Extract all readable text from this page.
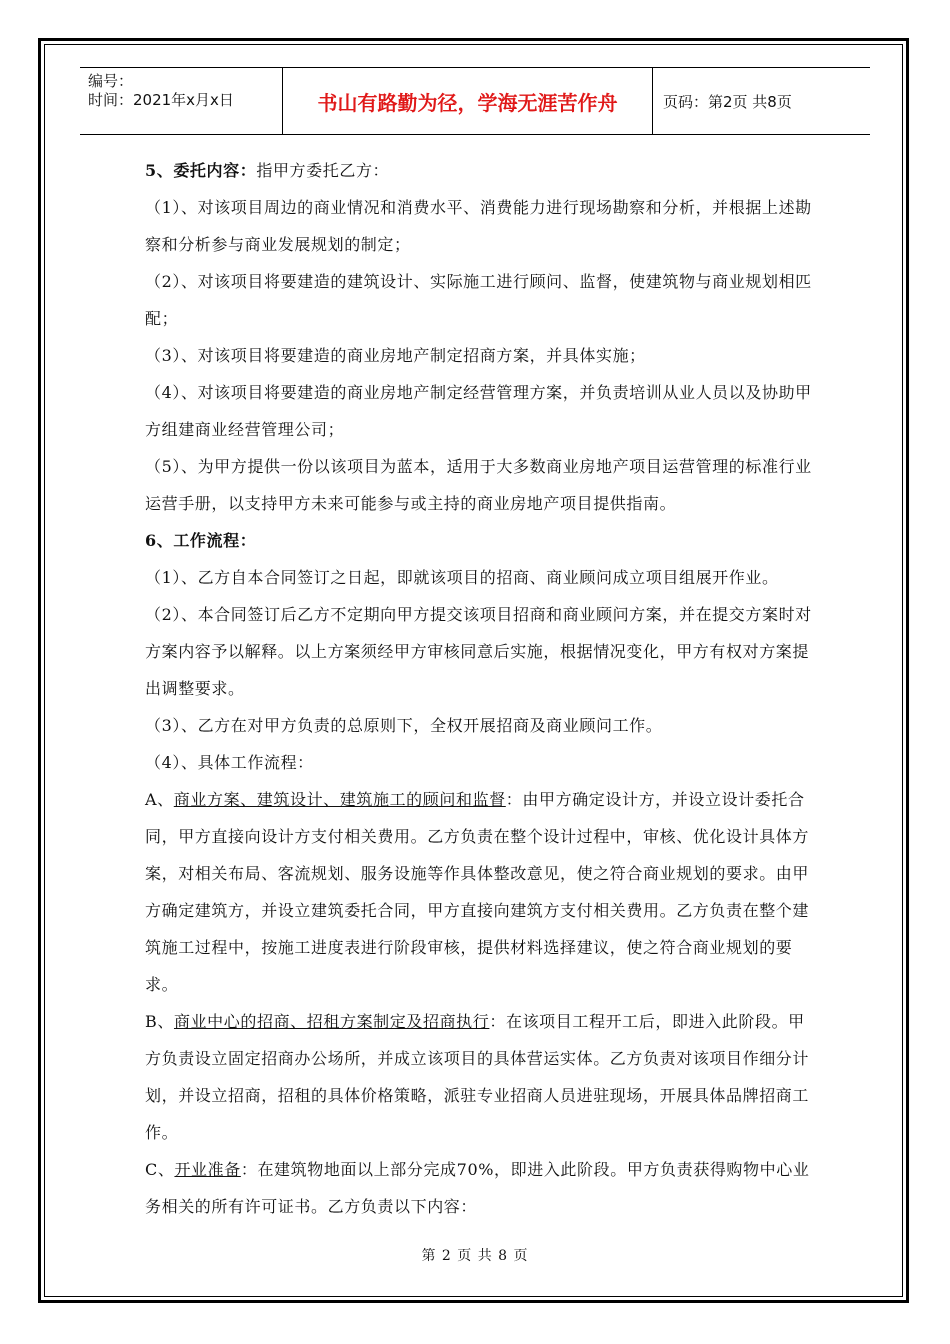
编号：
时间：2021年x月x日	书山有路勤为径，学海无涯苦作舟	页码：第2页 共8页

5、委托内容：指甲方委托乙方：

（1）、对该项目周边的商业情况和消费水平、消费能力进行现场勘察和分析，并根据上述勘察和分析参与商业发展规划的制定；

（2）、对该项目将要建造的建筑设计、实际施工进行顾问、监督，使建筑物与商业规划相匹配；

（3）、对该项目将要建造的商业房地产制定招商方案，并具体实施；

（4）、对该项目将要建造的商业房地产制定经营管理方案，并负责培训从业人员以及协助甲方组建商业经营管理公司；

（5）、为甲方提供一份以该项目为蓝本，适用于大多数商业房地产项目运营管理的标准行业运营手册，以支持甲方未来可能参与或主持的商业房地产项目提供指南。

6、工作流程：

（1）、乙方自本合同签订之日起，即就该项目的招商、商业顾问成立项目组展开作业。

（2）、本合同签订后乙方不定期向甲方提交该项目招商和商业顾问方案，并在提交方案时对方案内容予以解释。以上方案须经甲方审核同意后实施，根据情况变化，甲方有权对方案提出调整要求。

（3）、乙方在对甲方负责的总原则下，全权开展招商及商业顾问工作。

（4）、具体工作流程：

A、商业方案、建筑设计、建筑施工的顾问和监督：由甲方确定设计方，并设立设计委托合同，甲方直接向设计方支付相关费用。乙方负责在整个设计过程中，审核、优化设计具体方案，对相关布局、客流规划、服务设施等作具体整改意见，使之符合商业规划的要求。由甲方确定建筑方，并设立建筑委托合同，甲方直接向建筑方支付相关费用。乙方负责在整个建筑施工过程中，按施工进度表进行阶段审核，提供材料选择建议，使之符合商业规划的要求。

B、商业中心的招商、招租方案制定及招商执行：在该项目工程开工后，即进入此阶段。甲方负责设立固定招商办公场所，并成立该项目的具体营运实体。乙方负责对该项目作细分计划，并设立招商，招租的具体价格策略，派驻专业招商人员进驻现场，开展具体品牌招商工作。

C、开业准备：在建筑物地面以上部分完成70%，即进入此阶段。甲方负责获得购物中心业务相关的所有许可证书。乙方负责以下内容：

第 2 页 共 8 页
